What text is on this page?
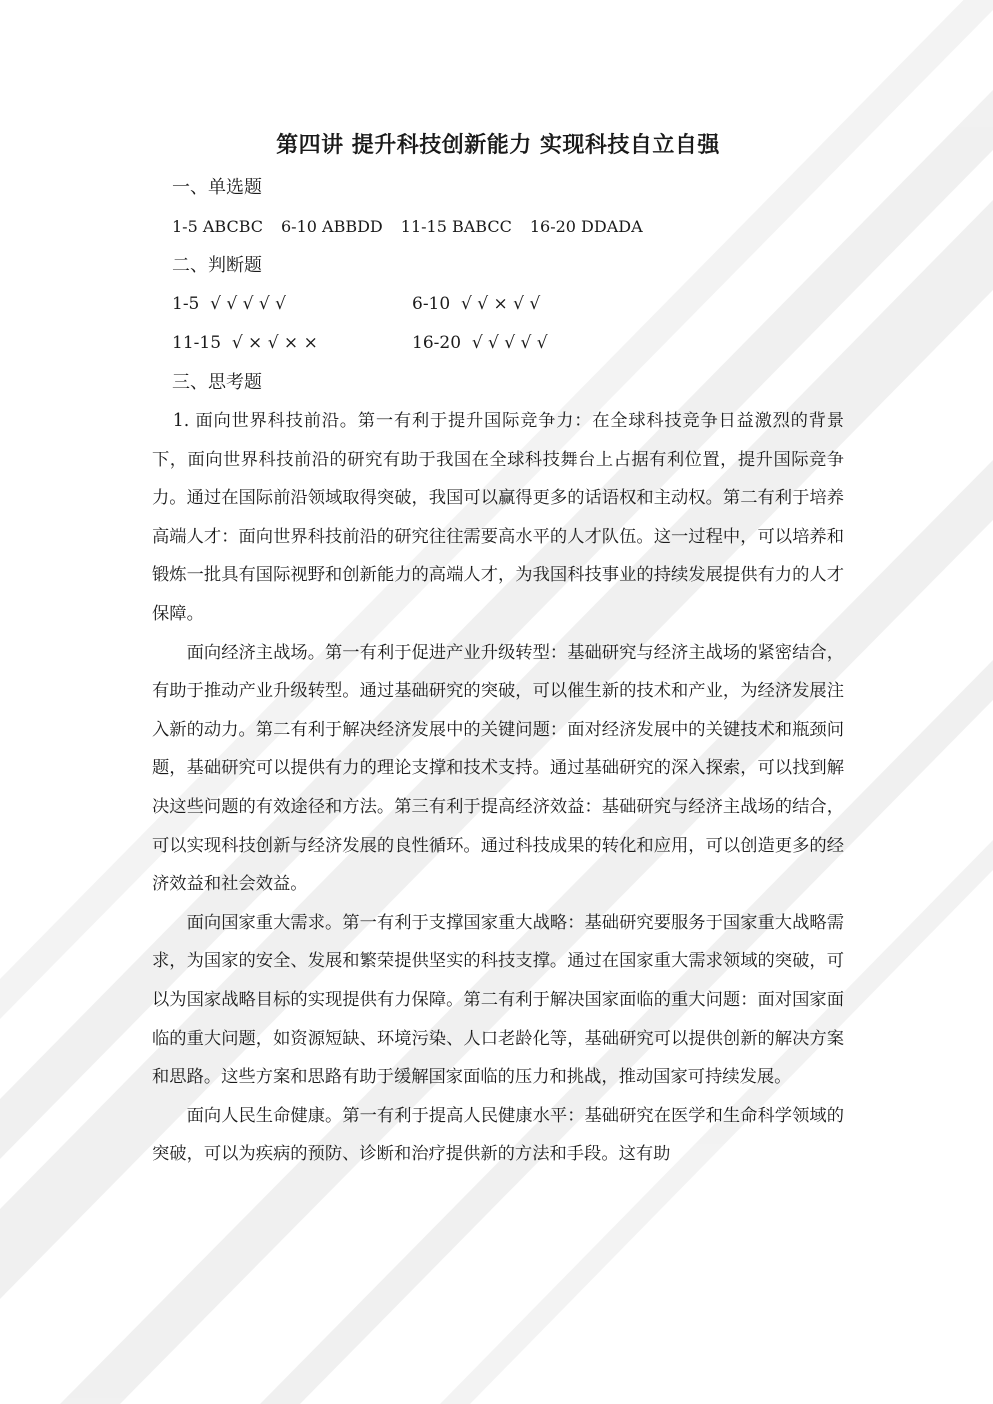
第四讲 提升科技创新能力 实现科技自立自强

一、单选题

1-5 ABCBC 6-10 ABBDD 11-15 BABCC 16-20 DDADA

二、判断题

1-5  √ √ √ √ √	6-10  √ √ × √ √
11-15  √ × √ × ×	16-20  √ √ √ √ √

三、思考题

1. 面向世界科技前沿。第一有利于提升国际竞争力：在全球科技竞争日益激烈的背景下，面向世界科技前沿的研究有助于我国在全球科技舞台上占据有利位置，提升国际竞争力。通过在国际前沿领域取得突破，我国可以赢得更多的话语权和主动权。第二有利于培养高端人才：面向世界科技前沿的研究往往需要高水平的人才队伍。这一过程中，可以培养和锻炼一批具有国际视野和创新能力的高端人才，为我国科技事业的持续发展提供有力的人才保障。

面向经济主战场。第一有利于促进产业升级转型：基础研究与经济主战场的紧密结合，有助于推动产业升级转型。通过基础研究的突破，可以催生新的技术和产业，为经济发展注入新的动力。第二有利于解决经济发展中的关键问题：面对经济发展中的关键技术和瓶颈问题，基础研究可以提供有力的理论支撑和技术支持。通过基础研究的深入探索，可以找到解决这些问题的有效途径和方法。第三有利于提高经济效益：基础研究与经济主战场的结合，可以实现科技创新与经济发展的良性循环。通过科技成果的转化和应用，可以创造更多的经济效益和社会效益。

面向国家重大需求。第一有利于支撑国家重大战略：基础研究要服务于国家重大战略需求，为国家的安全、发展和繁荣提供坚实的科技支撑。通过在国家重大需求领域的突破，可以为国家战略目标的实现提供有力保障。第二有利于解决国家面临的重大问题：面对国家面临的重大问题，如资源短缺、环境污染、人口老龄化等，基础研究可以提供创新的解决方案和思路。这些方案和思路有助于缓解国家面临的压力和挑战，推动国家可持续发展。

面向人民生命健康。第一有利于提高人民健康水平：基础研究在医学和生命科学领域的突破，可以为疾病的预防、诊断和治疗提供新的方法和手段。这有助
